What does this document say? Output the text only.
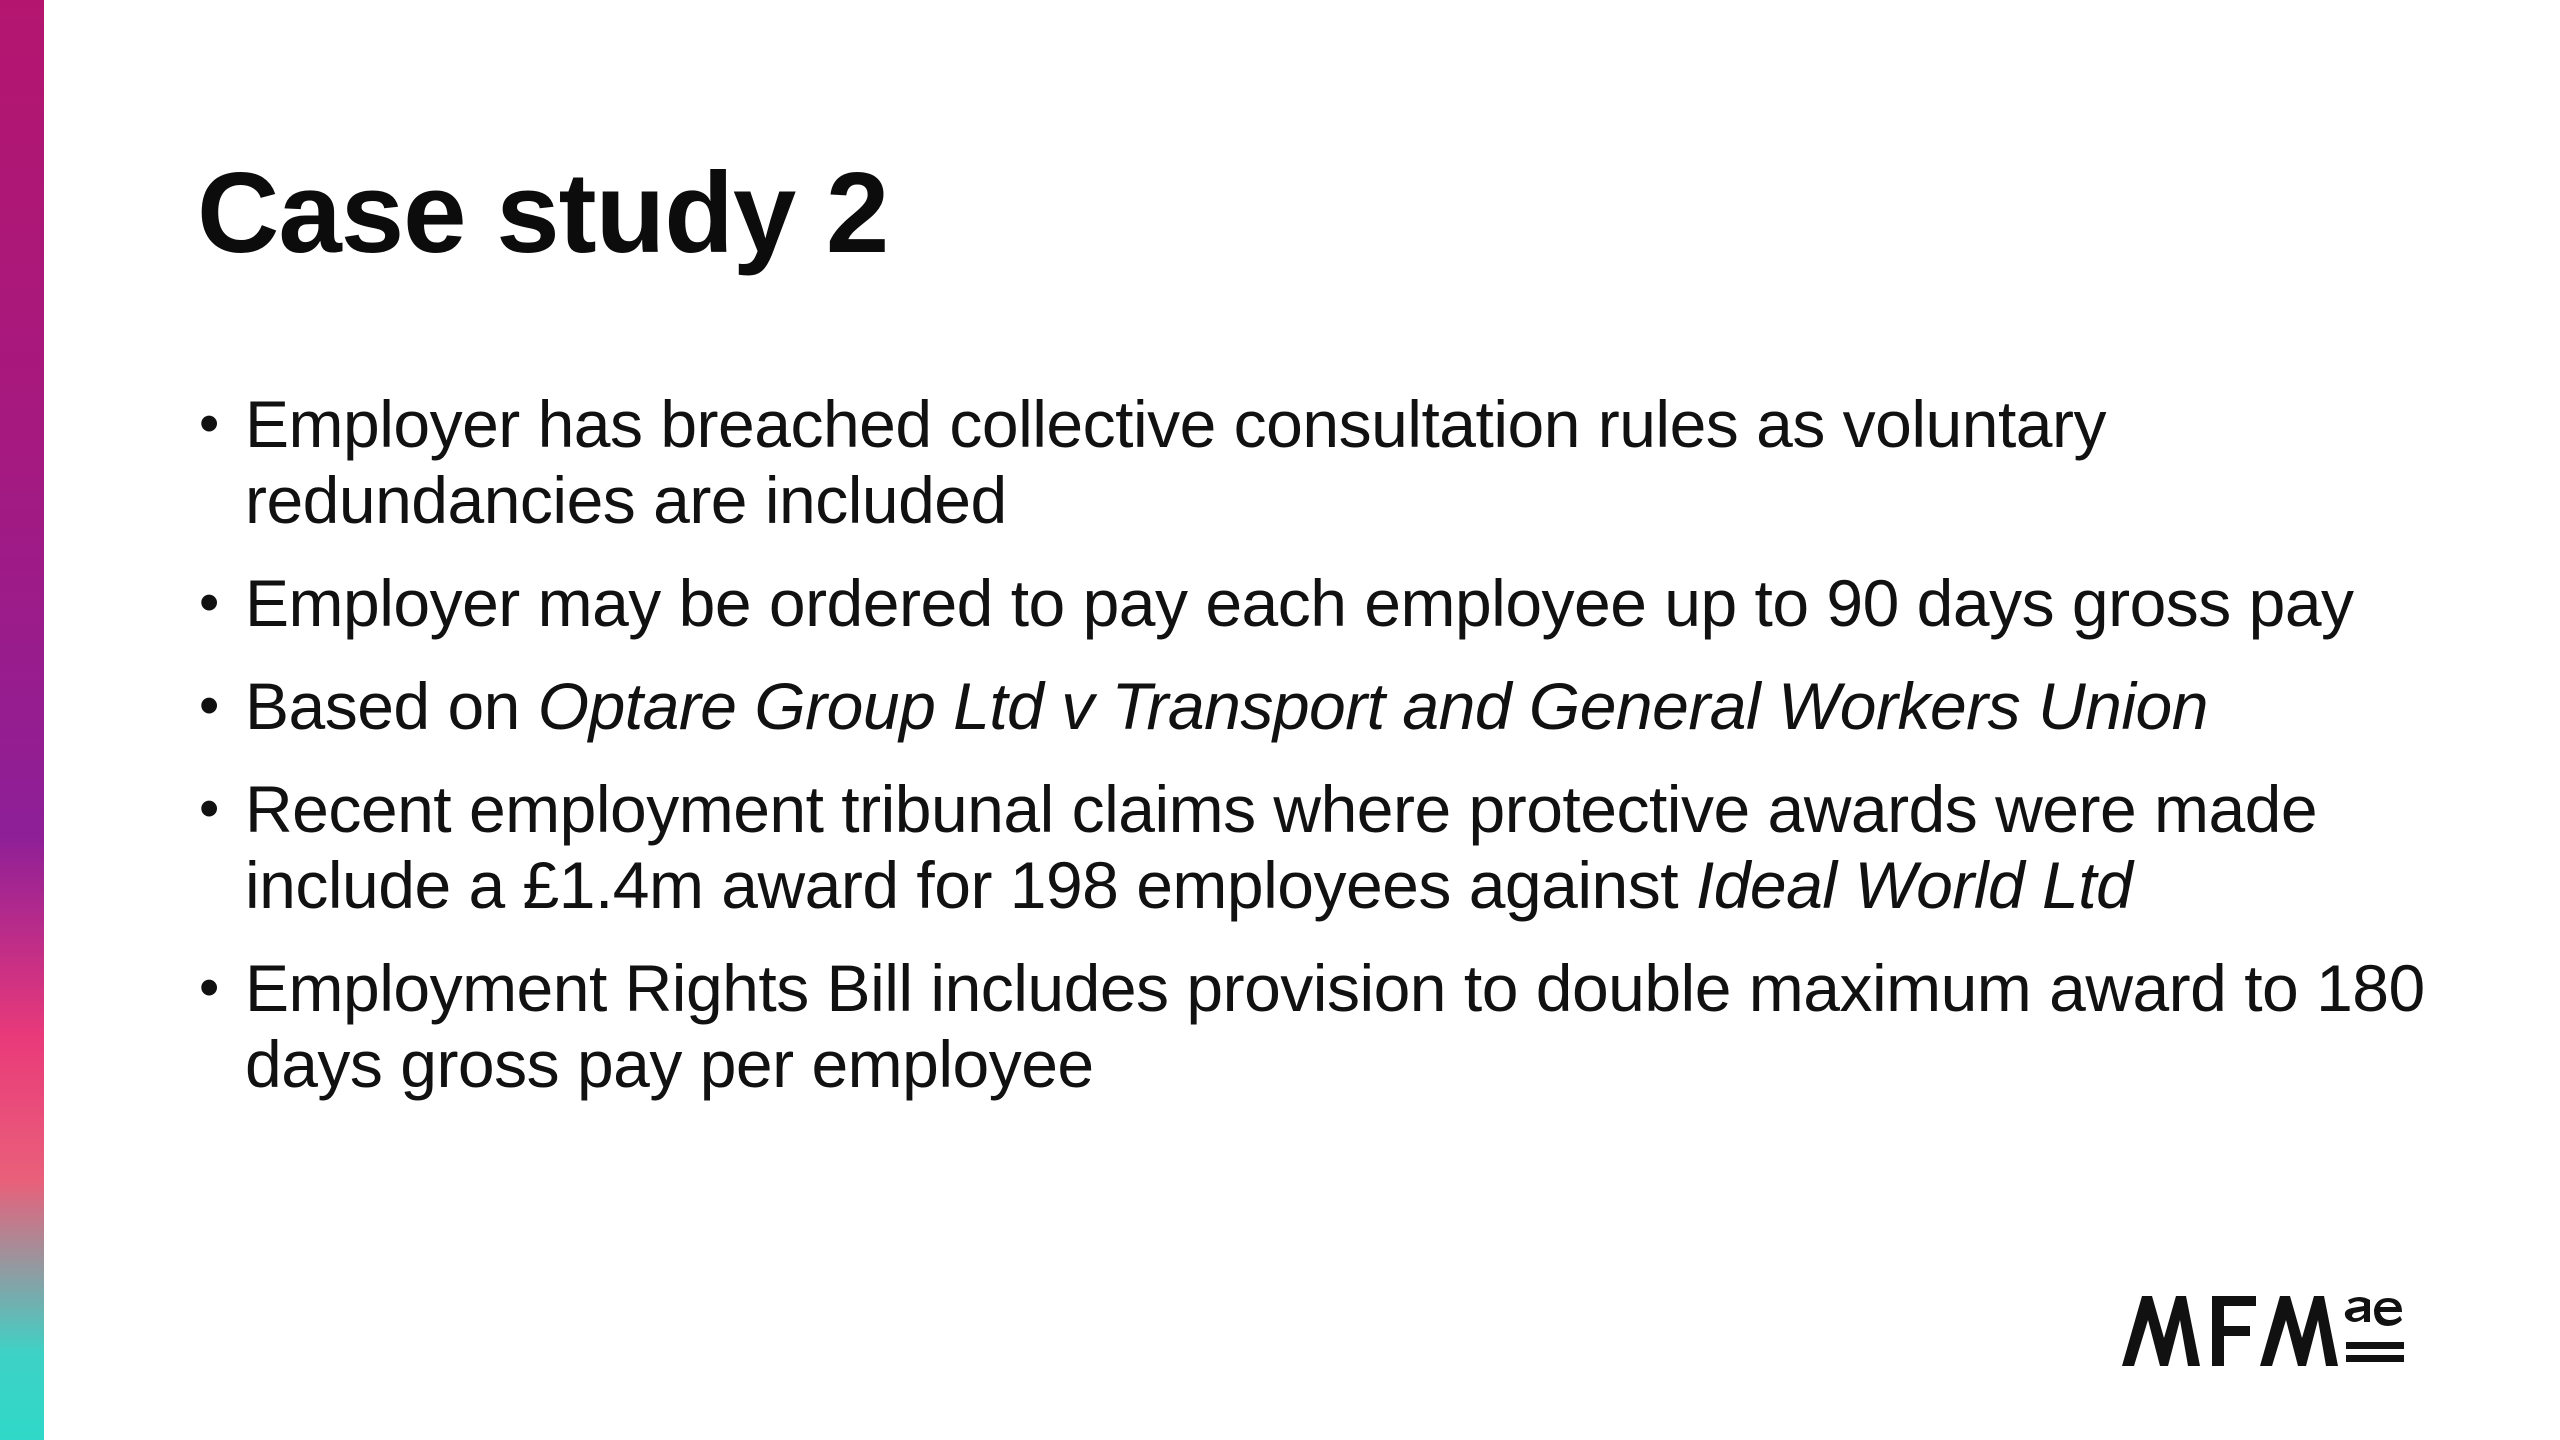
Case study 2
• Employer has breached collective consultation rules as voluntary redundancies are included
• Employer may be ordered to pay each employee up to 90 days gross pay
• Based on Optare Group Ltd v Transport and General Workers Union
• Recent employment tribunal claims where protective awards were made include a £1.4m award for 198 employees against Ideal World Ltd
• Employment Rights Bill includes provision to double maximum award to 180 days gross pay per employee
